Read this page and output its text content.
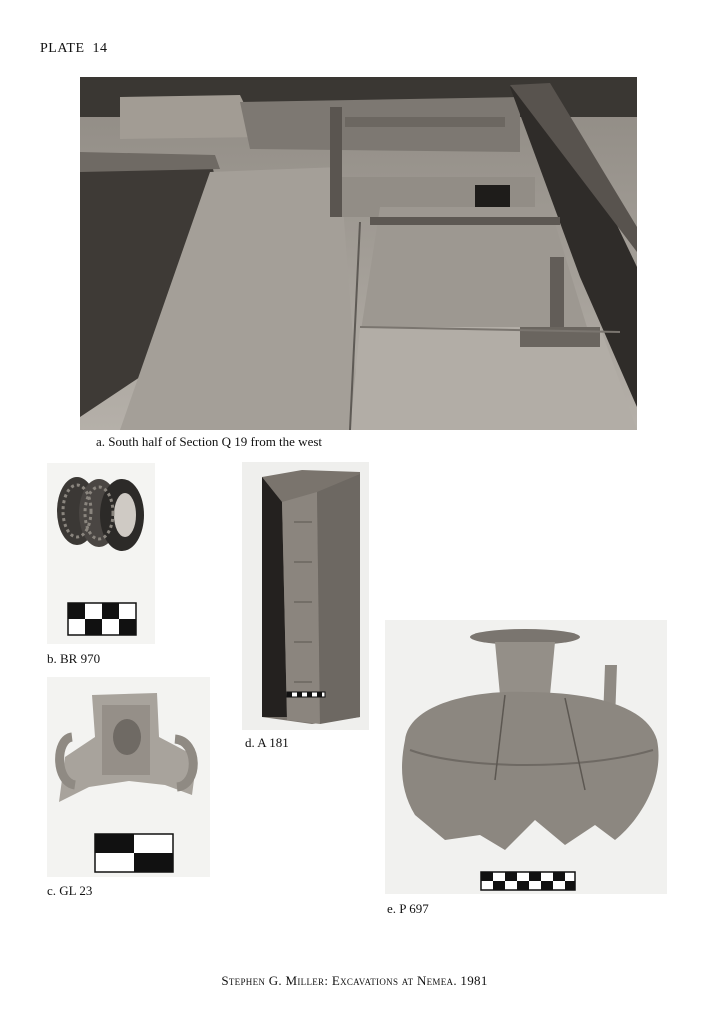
PLATE 14
a. South half of Section Q 19 from the west
b. BR 970
c. GL 23
d. A 181
e. P 697
Stephen G. Miller: Excavations at Nemea. 1981
